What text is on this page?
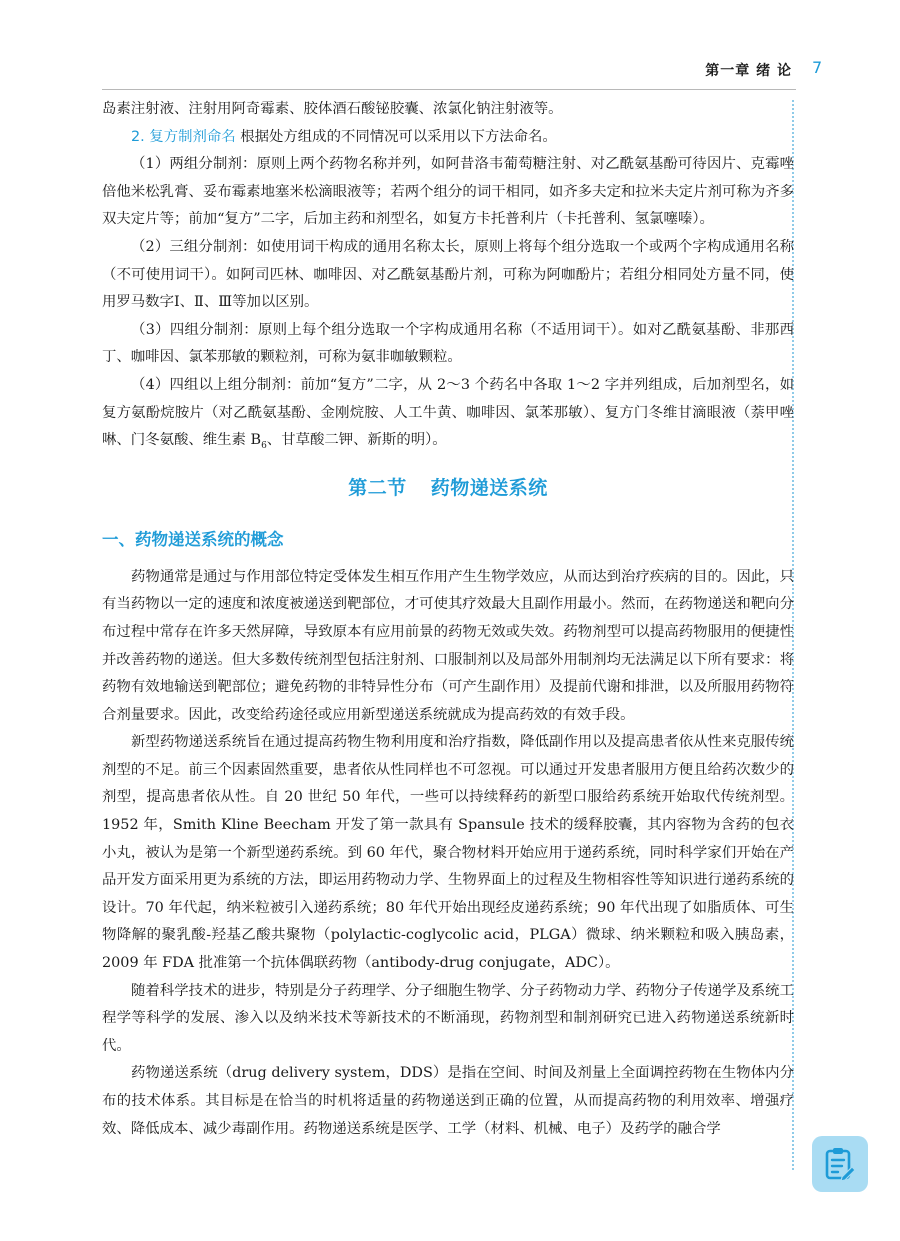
第一章 绪 论 7

岛素注射液、注射用阿奇霉素、胶体酒石酸铋胶囊、浓氯化钠注射液等。

2. 复方制剂命名 根据处方组成的不同情况可以采用以下方法命名。

（1）两组分制剂：原则上两个药物名称并列，如阿昔洛韦葡萄糖注射、对乙酰氨基酚可待因片、克霉唑倍他米松乳膏、妥布霉素地塞米松滴眼液等；若两个组分的词干相同，如齐多夫定和拉米夫定片剂可称为齐多双夫定片等；前加“复方”二字，后加主药和剂型名，如复方卡托普利片（卡托普利、氢氯噻嗪）。

（2）三组分制剂：如使用词干构成的通用名称太长，原则上将每个组分选取一个或两个字构成通用名称（不可使用词干）。如阿司匹林、咖啡因、对乙酰氨基酚片剂，可称为阿咖酚片；若组分相同处方量不同，使用罗马数字Ⅰ、Ⅱ、Ⅲ等加以区别。

（3）四组分制剂：原则上每个组分选取一个字构成通用名称（不适用词干）。如对乙酰氨基酚、非那西丁、咖啡因、氯苯那敏的颗粒剂，可称为氨非咖敏颗粒。

（4）四组以上组分制剂：前加“复方”二字，从 2～3 个药名中各取 1～2 字并列组成，后加剂型名，如复方氨酚烷胺片（对乙酰氨基酚、金刚烷胺、人工牛黄、咖啡因、氯苯那敏）、复方门冬维甘滴眼液（萘甲唑啉、门冬氨酸、维生素 $B_6$、甘草酸二钾、新斯的明）。

第二节 药物递送系统

一、药物递送系统的概念

药物通常是通过与作用部位特定受体发生相互作用产生生物学效应，从而达到治疗疾病的目的。因此，只有当药物以一定的速度和浓度被递送到靶部位，才可使其疗效最大且副作用最小。然而，在药物递送和靶向分布过程中常存在许多天然屏障，导致原本有应用前景的药物无效或失效。药物剂型可以提高药物服用的便捷性并改善药物的递送。但大多数传统剂型包括注射剂、口服制剂以及局部外用制剂均无法满足以下所有要求：将药物有效地输送到靶部位；避免药物的非特异性分布（可产生副作用）及提前代谢和排泄，以及所服用药物符合剂量要求。因此，改变给药途径或应用新型递送系统就成为提高药效的有效手段。

新型药物递送系统旨在通过提高药物生物利用度和治疗指数，降低副作用以及提高患者依从性来克服传统剂型的不足。前三个因素固然重要，患者依从性同样也不可忽视。可以通过开发患者服用方便且给药次数少的剂型，提高患者依从性。自 20 世纪 50 年代，一些可以持续释药的新型口服给药系统开始取代传统剂型。1952 年，Smith Kline Beecham 开发了第一款具有 Spansule 技术的缓释胶囊，其内容物为含药的包衣小丸，被认为是第一个新型递药系统。到 60 年代，聚合物材料开始应用于递药系统，同时科学家们开始在产品开发方面采用更为系统的方法，即运用药物动力学、生物界面上的过程及生物相容性等知识进行递药系统的设计。70 年代起，纳米粒被引入递药系统；80 年代开始出现经皮递药系统；90 年代出现了如脂质体、可生物降解的聚乳酸-羟基乙酸共聚物（polylactic-coglycolic acid，PLGA）微球、纳米颗粒和吸入胰岛素，2009 年 FDA 批准第一个抗体偶联药物（antibody-drug conjugate，ADC）。

随着科学技术的进步，特别是分子药理学、分子细胞生物学、分子药物动力学、药物分子传递学及系统工程学等科学的发展、渗入以及纳米技术等新技术的不断涌现，药物剂型和制剂研究已进入药物递送系统新时代。

药物递送系统（drug delivery system，DDS）是指在空间、时间及剂量上全面调控药物在生物体内分布的技术体系。其目标是在恰当的时机将适量的药物递送到正确的位置，从而提高药物的利用效率、增强疗效、降低成本、减少毒副作用。药物递送系统是医学、工学（材料、机械、电子）及药学的融合学
